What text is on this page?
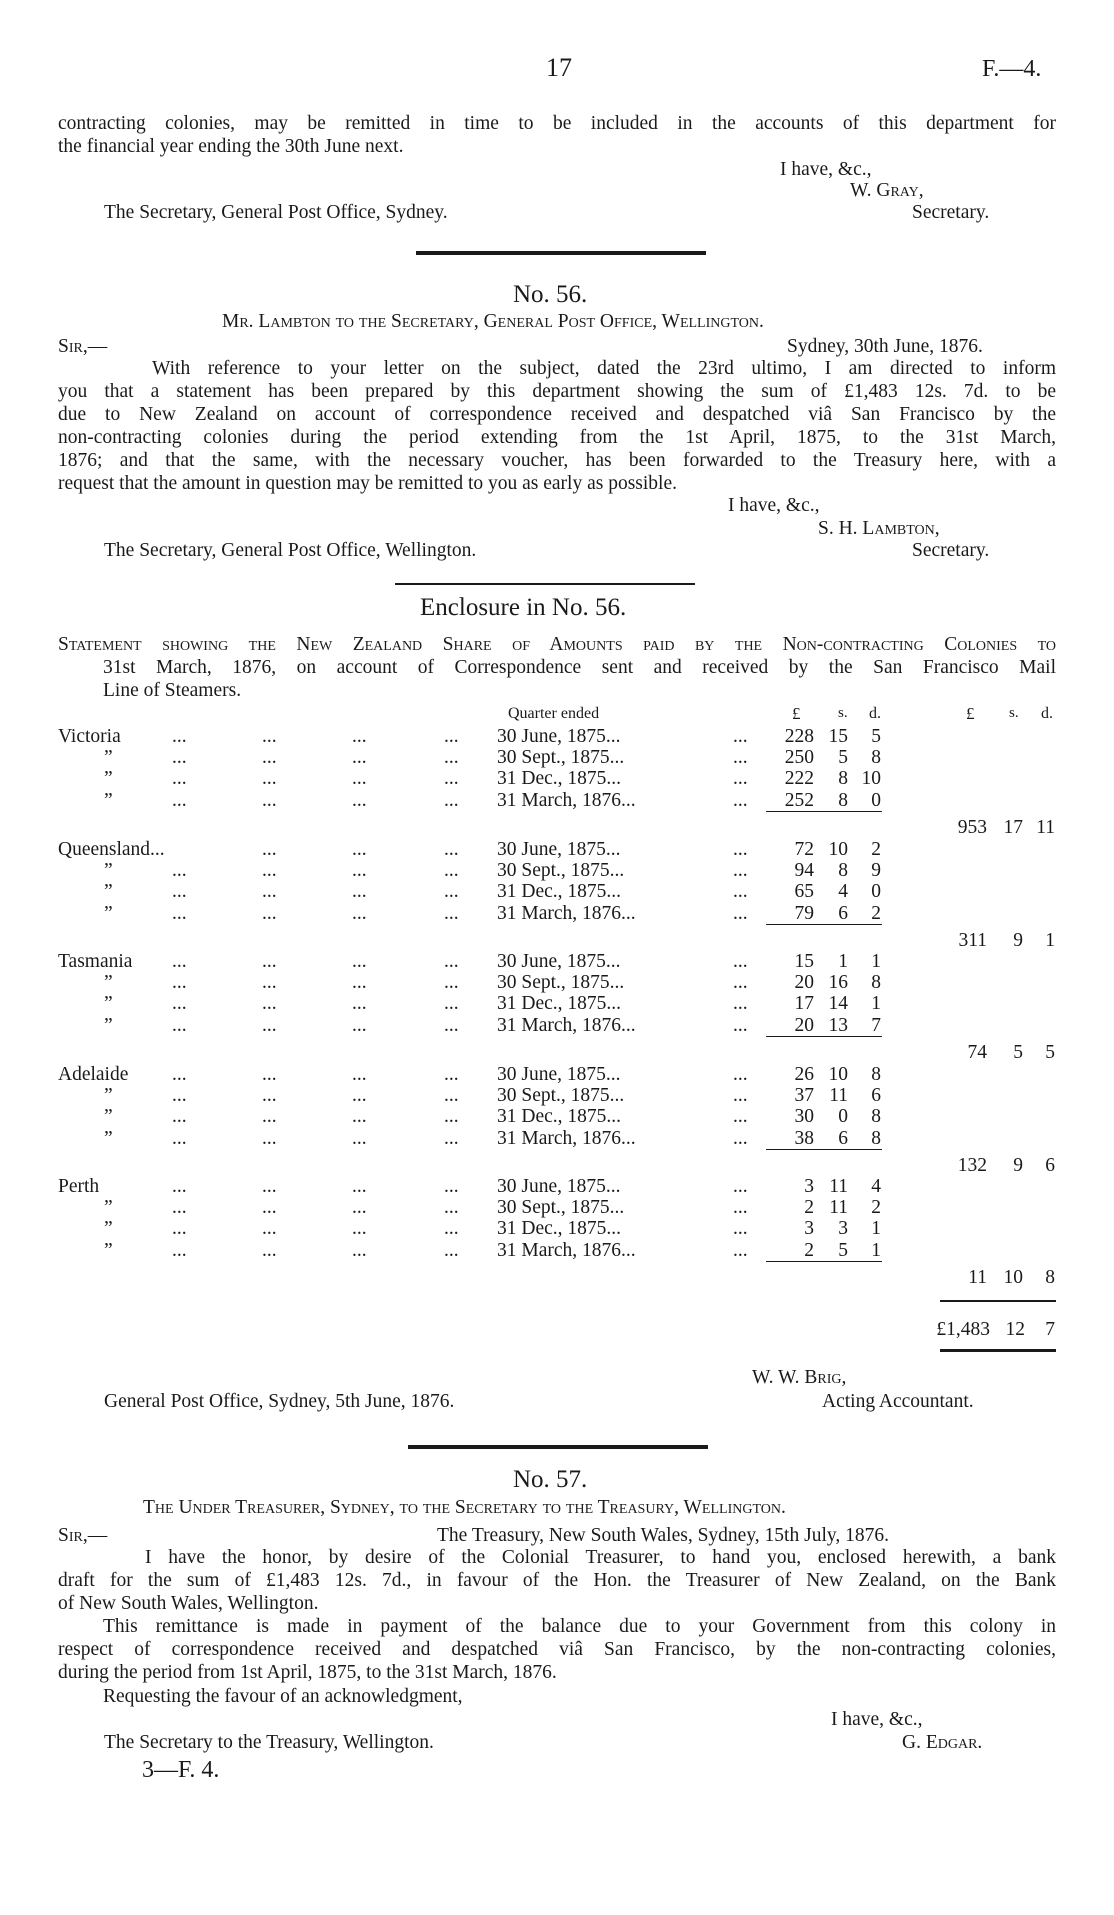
17	F.—4.
contracting colonies, may be remitted in time to be included in the accounts of this department for
the financial year ending the 30th June next.
I have, &c.,
W. Gray,
The Secretary, General Post Office, Sydney.	Secretary.
No. 56.
Mr. Lambton to the Secretary, General Post Office, Wellington.
Sir,—	Sydney, 30th June, 1876.
With reference to your letter on the subject, dated the 23rd ultimo, I am directed to inform
you that a statement has been prepared by this department showing the sum of £1,483 12s. 7d. to be
due to New Zealand on account of correspondence received and despatched viâ San Francisco by the
non-contracting colonies during the period extending from the 1st April, 1875, to the 31st March,
1876; and that the same, with the necessary voucher, has been forwarded to the Treasury here, with a
request that the amount in question may be remitted to you as early as possible.
I have, &c.,
S. H. Lambton,
The Secretary, General Post Office, Wellington.	Secretary.
Enclosure in No. 56.
Statement showing the New Zealand Share of Amounts paid by the Non-contracting Colonies to
31st March, 1876, on account of Correspondence sent and received by the San Francisco Mail
Line of Steamers.
Quarter ended	£	s. d.	£ s. d.
Victoria	...	...	...	... 30 June, 1875...	...	228 15	5
”	...	...	...	... 30 Sept., 1875...	...	250	5	8
”	...	...	...	... 31 Dec., 1875...	...	222	8 10
”	...	...	...	... 31 March, 1876...	...	252	8	0
953 17 11
Queensland...	...	...	... 30 June, 1875...	...	72 10	2
”	...	...	...	... 30 Sept., 1875...	...	94	8	9
”	...	...	...	... 31 Dec., 1875...	...	65	4	0
”	...	...	...	... 31 March, 1876...	...	79	6	2
311	9	1
Tasmania ...	...	...	... 30 June, 1875...	...	15	1	1
”	...	...	...	... 30 Sept., 1875...	...	20 16	8
”	...	...	...	... 31 Dec., 1875...	...	17 14	1
”	...	...	...	... 31 March, 1876...	...	20 13	7
74	5	5
Adelaide ...	...	...	... 30 June, 1875...	...	26 10	8
”	...	...	...	... 30 Sept., 1875...	...	37 11	6
”	...	...	...	... 31 Dec., 1875...	...	30	0	8
”	...	...	...	... 31 March, 1876...	...	38	6	8
132	9	6
Perth	...	...	...	... 30 June, 1875...	...	3 11	4
”	...	...	...	... 30 Sept., 1875...	...	2 11	2
”	...	...	...	... 31 Dec., 1875...	...	3	3	1
”	...	...	...	... 31 March, 1876...	...	2	5	1
11 10	8
£1,483 12	7
W. W. Brig,
General Post Office, Sydney, 5th June, 1876.	Acting Accountant.
No. 57.
The Under Treasurer, Sydney, to the Secretary to the Treasury, Wellington.
Sir,—	The Treasury, New South Wales, Sydney, 15th July, 1876.
I have the honor, by desire of the Colonial Treasurer, to hand you, enclosed herewith, a bank
draft for the sum of £1,483 12s. 7d., in favour of the Hon. the Treasurer of New Zealand, on the Bank
of New South Wales, Wellington.
This remittance is made in payment of the balance due to your Government from this colony in
respect of correspondence received and despatched viâ San Francisco, by the non-contracting colonies,
during the period from 1st April, 1875, to the 31st March, 1876.
Requesting the favour of an acknowledgment,
I have, &c.,
The Secretary to the Treasury, Wellington.	G. Edgar.
3—F. 4.
